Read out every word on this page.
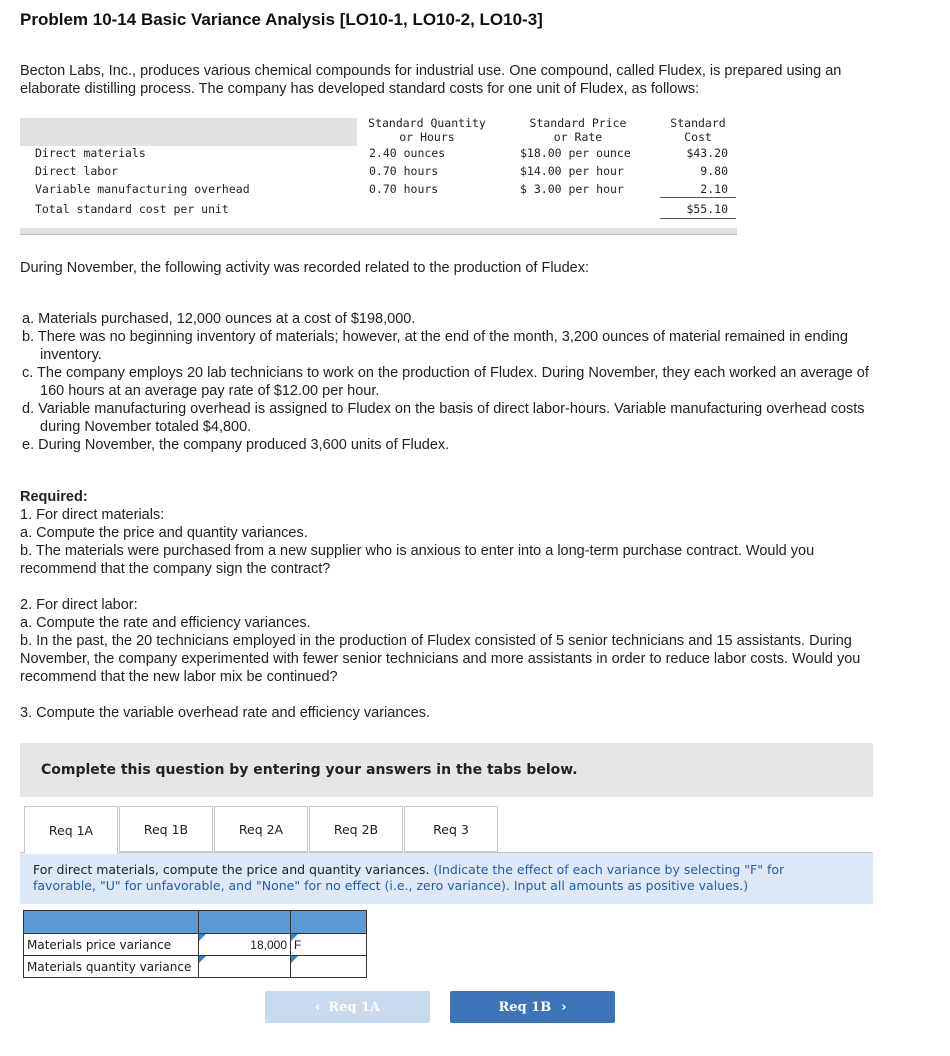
Problem 10-14 Basic Variance Analysis [LO10-1, LO10-2, LO10-3]
Becton Labs, Inc., produces various chemical compounds for industrial use. One compound, called Fludex, is prepared using an
elaborate distilling process. The company has developed standard costs for one unit of Fludex, as follows:
Standard Quantity
or Hours
Standard Price
or Rate
Standard
Cost
Direct materials	2.40 ounces	$18.00 per ounce	$43.20
Direct labor	0.70 hours	$14.00 per hour	9.80
Variable manufacturing overhead	0.70 hours	$ 3.00 per hour	2.10
Total standard cost per unit	$55.10
During November, the following activity was recorded related to the production of Fludex:
a. Materials purchased, 12,000 ounces at a cost of $198,000.
b. There was no beginning inventory of materials; however, at the end of the month, 3,200 ounces of material remained in ending
inventory.
c. The company employs 20 lab technicians to work on the production of Fludex. During November, they each worked an average of
160 hours at an average pay rate of $12.00 per hour.
d. Variable manufacturing overhead is assigned to Fludex on the basis of direct labor-hours. Variable manufacturing overhead costs
during November totaled $4,800.
e. During November, the company produced 3,600 units of Fludex.
Required:
1. For direct materials:
a. Compute the price and quantity variances.
b. The materials were purchased from a new supplier who is anxious to enter into a long-term purchase contract. Would you
recommend that the company sign the contract?
2. For direct labor:
a. Compute the rate and efficiency variances.
b. In the past, the 20 technicians employed in the production of Fludex consisted of 5 senior technicians and 15 assistants. During
November, the company experimented with fewer senior technicians and more assistants in order to reduce labor costs. Would you
recommend that the new labor mix be continued?
3. Compute the variable overhead rate and efficiency variances.
Complete this question by entering your answers in the tabs below.
Req 1A	Req 1B	Req 2A	Req 2B	Req 3
For direct materials, compute the price and quantity variances. (Indicate the effect of each variance by selecting "F" for
favorable, "U" for unfavorable, and "None" for no effect (i.e., zero variance). Input all amounts as positive values.)

Materials price variance	18,000	F
Materials quantity variance	

‹ Req 1A	Req 1B ›
